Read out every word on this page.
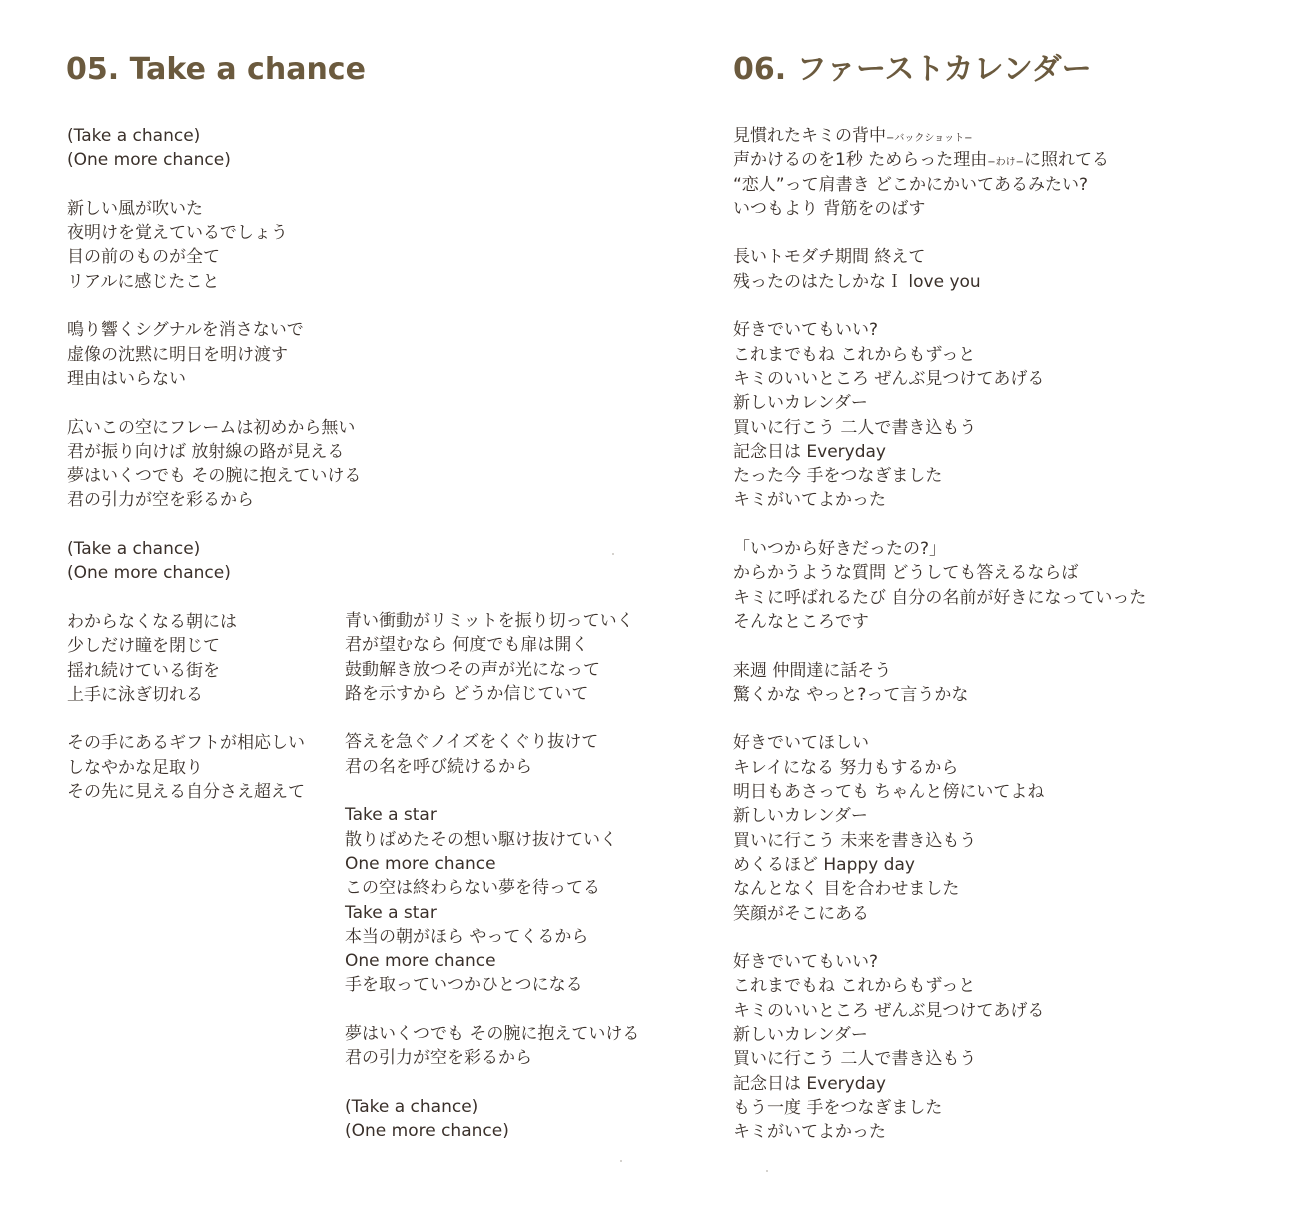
05. Take a chance	06. ファーストカレンダー
(Take a chance)
(One more chance)
新しい風が吹いた
夜明けを覚えているでしょう
目の前のものが全て
リアルに感じたこと
鳴り響くシグナルを消さないで
虚像の沈黙に明日を明け渡す
理由はいらない
広いこの空にフレームは初めから無い
君が振り向けば 放射線の路が見える
夢はいくつでも その腕に抱えていける
君の引力が空を彩るから
(Take a chance)
(One more chance)
わからなくなる朝には
少しだけ瞳を閉じて
揺れ続けている街を
上手に泳ぎ切れる
その手にあるギフトが相応しい
しなやかな足取り
その先に見える自分さえ超えて
青い衝動がリミットを振り切っていく
君が望むなら 何度でも扉は開く
鼓動解き放つその声が光になって
路を示すから どうか信じていて
答えを急ぐノイズをくぐり抜けて
君の名を呼び続けるから
Take a star
散りばめたその想い駆け抜けていく
One more chance
この空は終わらない夢を待ってる
Take a star
本当の朝がほら やってくるから
One more chance
手を取っていつかひとつになる
夢はいくつでも その腕に抱えていける
君の引力が空を彩るから
(Take a chance)
(One more chance)
見慣れたキミの背中−バックショット−
声かけるのを1秒 ためらった理由−わけ−に照れてる
“恋人”って肩書き どこかにかいてあるみたい?
いつもより 背筋をのばす
長いトモダチ期間 終えて
残ったのはたしかなＩ love you
好きでいてもいい?
これまでもね これからもずっと
キミのいいところ ぜんぶ見つけてあげる
新しいカレンダー
買いに行こう 二人で書き込もう
記念日は Everyday
たった今 手をつなぎました
キミがいてよかった
「いつから好きだったの?」
からかうような質問 どうしても答えるならば
キミに呼ばれるたび 自分の名前が好きになっていった
そんなところです
来週 仲間達に話そう
驚くかな やっと?って言うかな
好きでいてほしい
キレイになる 努力もするから
明日もあさっても ちゃんと傍にいてよね
新しいカレンダー
買いに行こう 未来を書き込もう
めくるほど Happy day
なんとなく 目を合わせました
笑顔がそこにある
好きでいてもいい?
これまでもね これからもずっと
キミのいいところ ぜんぶ見つけてあげる
新しいカレンダー
買いに行こう 二人で書き込もう
記念日は Everyday
もう一度 手をつなぎました
キミがいてよかった
